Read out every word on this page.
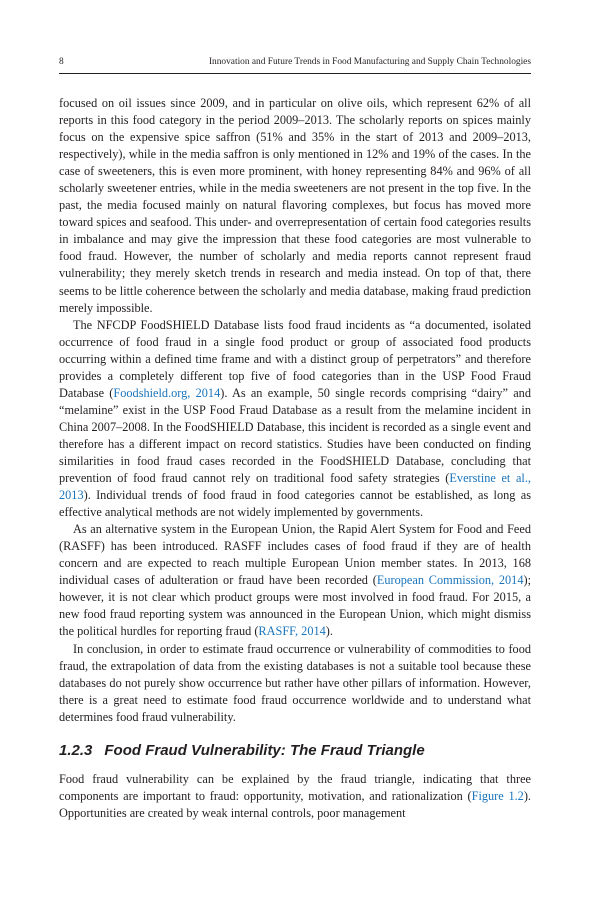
8	Innovation and Future Trends in Food Manufacturing and Supply Chain Technologies

focused on oil issues since 2009, and in particular on olive oils, which represent 62% of all reports in this food category in the period 2009–2013. The scholarly reports on spices mainly focus on the expensive spice saffron (51% and 35% in the start of 2013 and 2009–2013, respectively), while in the media saffron is only mentioned in 12% and 19% of the cases. In the case of sweeteners, this is even more prominent, with honey representing 84% and 96% of all scholarly sweetener entries, while in the media sweeteners are not present in the top five. In the past, the media focused mainly on natural flavoring complexes, but focus has moved more toward spices and seafood. This under- and overrepresentation of certain food categories results in imbalance and may give the impression that these food categories are most vulnerable to food fraud. However, the number of scholarly and media reports cannot represent fraud vulnerability; they merely sketch trends in research and media instead. On top of that, there seems to be little coherence between the scholarly and media database, making fraud prediction merely impossible.

The NFCDP FoodSHIELD Database lists food fraud incidents as “a documented, isolated occurrence of food fraud in a single food product or group of associated food products occurring within a defined time frame and with a distinct group of perpetrators” and therefore provides a completely different top five of food categories than in the USP Food Fraud Database (Foodshield.org, 2014). As an example, 50 single records comprising “dairy” and “melamine” exist in the USP Food Fraud Database as a result from the melamine incident in China 2007–2008. In the FoodSHIELD Database, this incident is recorded as a single event and therefore has a different impact on record statistics. Studies have been conducted on finding similarities in food fraud cases recorded in the FoodSHIELD Database, concluding that prevention of food fraud cannot rely on traditional food safety strategies (Everstine et al., 2013). Individual trends of food fraud in food categories cannot be established, as long as effective analytical methods are not widely implemented by governments.

As an alternative system in the European Union, the Rapid Alert System for Food and Feed (RASFF) has been introduced. RASFF includes cases of food fraud if they are of health concern and are expected to reach multiple European Union member states. In 2013, 168 individual cases of adulteration or fraud have been recorded (European Commission, 2014); however, it is not clear which product groups were most involved in food fraud. For 2015, a new food fraud reporting system was announced in the European Union, which might dismiss the political hurdles for reporting fraud (RASFF, 2014).

In conclusion, in order to estimate fraud occurrence or vulnerability of commodities to food fraud, the extrapolation of data from the existing databases is not a suitable tool because these databases do not purely show occurrence but rather have other pillars of information. However, there is a great need to estimate food fraud occurrence worldwide and to understand what determines food fraud vulnerability.

1.2.3 Food Fraud Vulnerability: The Fraud Triangle

Food fraud vulnerability can be explained by the fraud triangle, indicating that three components are important to fraud: opportunity, motivation, and rationalization (Figure 1.2). Opportunities are created by weak internal controls, poor management
